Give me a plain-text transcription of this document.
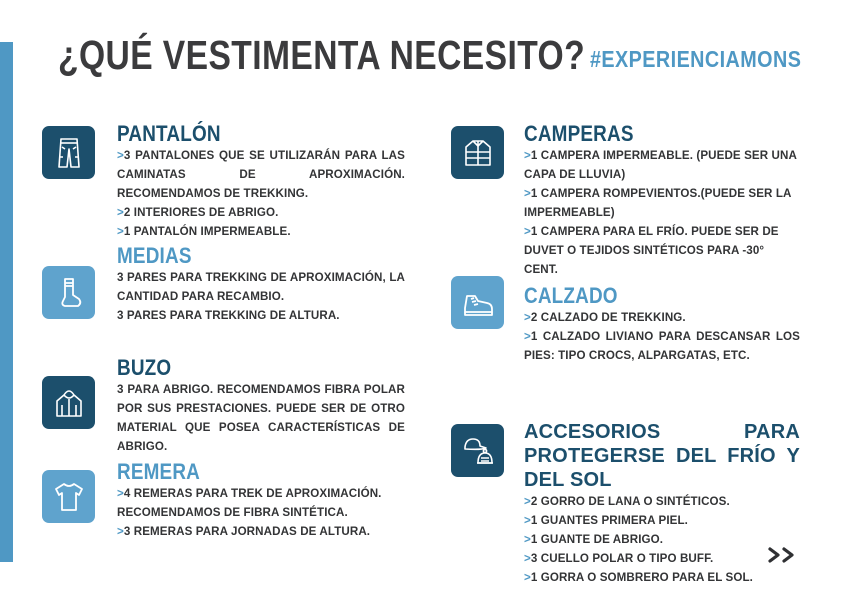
¿QUÉ VESTIMENTA NECESITO? #EXPERIENCIAMONS
PANTALÓN
>3 PANTALONES QUE SE UTILIZARÁN PARA LAS CAMINATAS DE APROXIMACIÓN. RECOMENDAMOS DE TREKKING.
>2 INTERIORES DE ABRIGO.
>1 PANTALÓN IMPERMEABLE.
MEDIAS
3 PARES PARA TREKKING DE APROXIMACIÓN, LA CANTIDAD PARA RECAMBIO.
3 PARES PARA TREKKING DE ALTURA.
BUZO
3 PARA ABRIGO. RECOMENDAMOS FIBRA POLAR POR SUS PRESTACIONES. PUEDE SER DE OTRO MATERIAL QUE POSEA CARACTERÍSTICAS DE ABRIGO.
REMERA
>4 REMERAS PARA TREK DE APROXIMACIÓN. RECOMENDAMOS DE FIBRA SINTÉTICA.
>3 REMERAS PARA JORNADAS DE ALTURA.
CAMPERAS
>1 CAMPERA IMPERMEABLE. (PUEDE SER UNA CAPA DE LLUVIA)
>1 CAMPERA ROMPEVIENTOS.(PUEDE SER LA IMPERMEABLE)
>1 CAMPERA PARA EL FRÍO. PUEDE SER DE DUVET O TEJIDOS SINTÉTICOS PARA -30° CENT.
CALZADO
>2 CALZADO DE TREKKING.
>1 CALZADO LIVIANO PARA DESCANSAR LOS PIES: TIPO CROCS, ALPARGATAS, ETC.
ACCESORIOS PARA PROTEGERSE DEL FRÍO Y DEL SOL
>2 GORRO DE LANA O SINTÉTICOS.
>1 GUANTES PRIMERA PIEL.
>1 GUANTE DE ABRIGO.
>3 CUELLO POLAR O TIPO BUFF.
>1 GORRA O SOMBRERO PARA EL SOL.
